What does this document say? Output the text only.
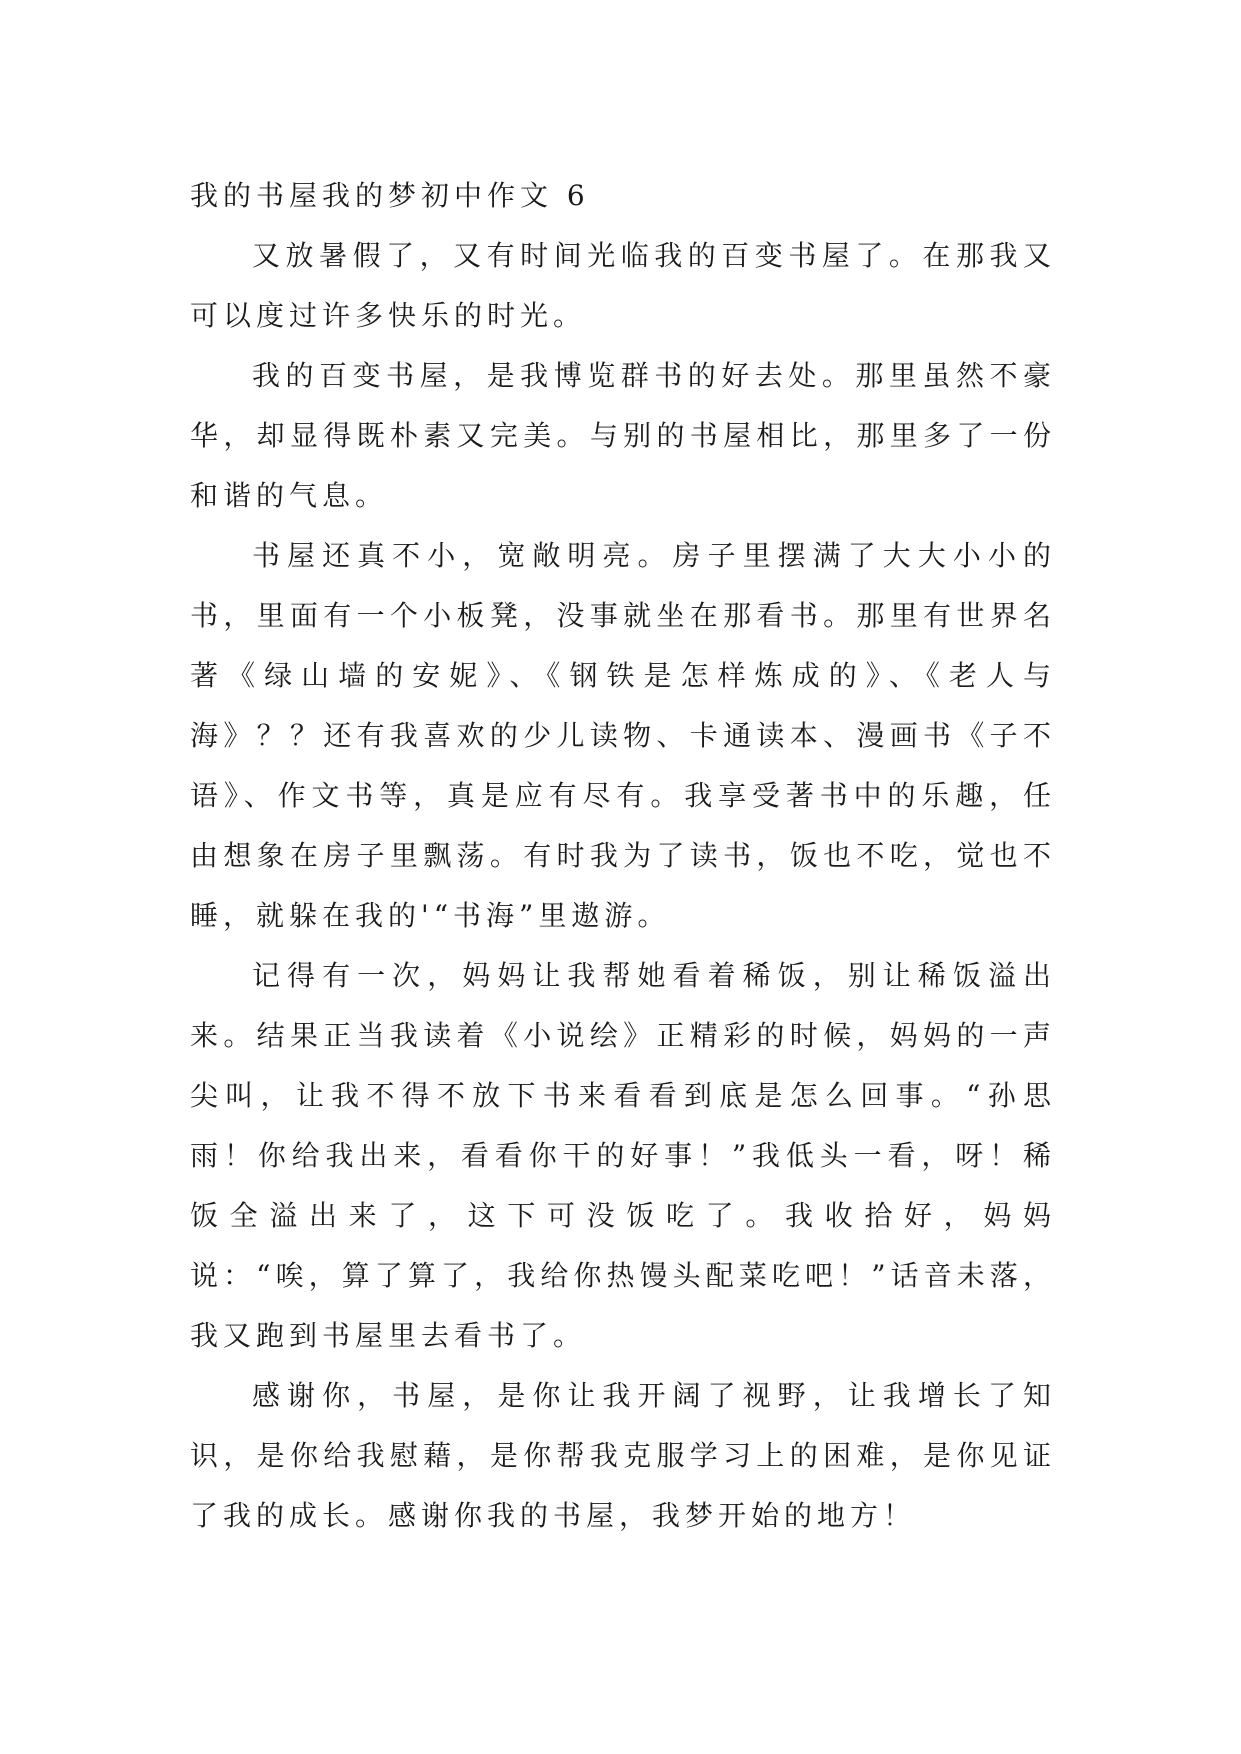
我的书屋我的梦初中作文 6

又放暑假了，又有时间光临我的百变书屋了。在那我又可以度过许多快乐的时光。

我的百变书屋，是我博览群书的好去处。那里虽然不豪华，却显得既朴素又完美。与别的书屋相比，那里多了一份和谐的气息。

书屋还真不小，宽敞明亮。房子里摆满了大大小小的书，里面有一个小板凳，没事就坐在那看书。那里有世界名著《绿山墙的安妮》、《钢铁是怎样炼成的》、《老人与海》？？还有我喜欢的少儿读物、卡通读本、漫画书《子不语》、作文书等，真是应有尽有。我享受著书中的乐趣，任由想象在房子里飘荡。有时我为了读书，饭也不吃，觉也不睡，就躲在我的'“书海”里遨游。

记得有一次，妈妈让我帮她看着稀饭，别让稀饭溢出来。结果正当我读着《小说绘》正精彩的时候，妈妈的一声尖叫，让我不得不放下书来看看到底是怎么回事。“孙思雨！你给我出来，看看你干的好事！”我低头一看，呀！稀饭全溢出来了，这下可没饭吃了。我收拾好，妈妈说：“唉，算了算了，我给你热馒头配菜吃吧！”话音未落，我又跑到书屋里去看书了。

感谢你，书屋，是你让我开阔了视野，让我增长了知识，是你给我慰藉，是你帮我克服学习上的困难，是你见证了我的成长。感谢你我的书屋，我梦开始的地方！
